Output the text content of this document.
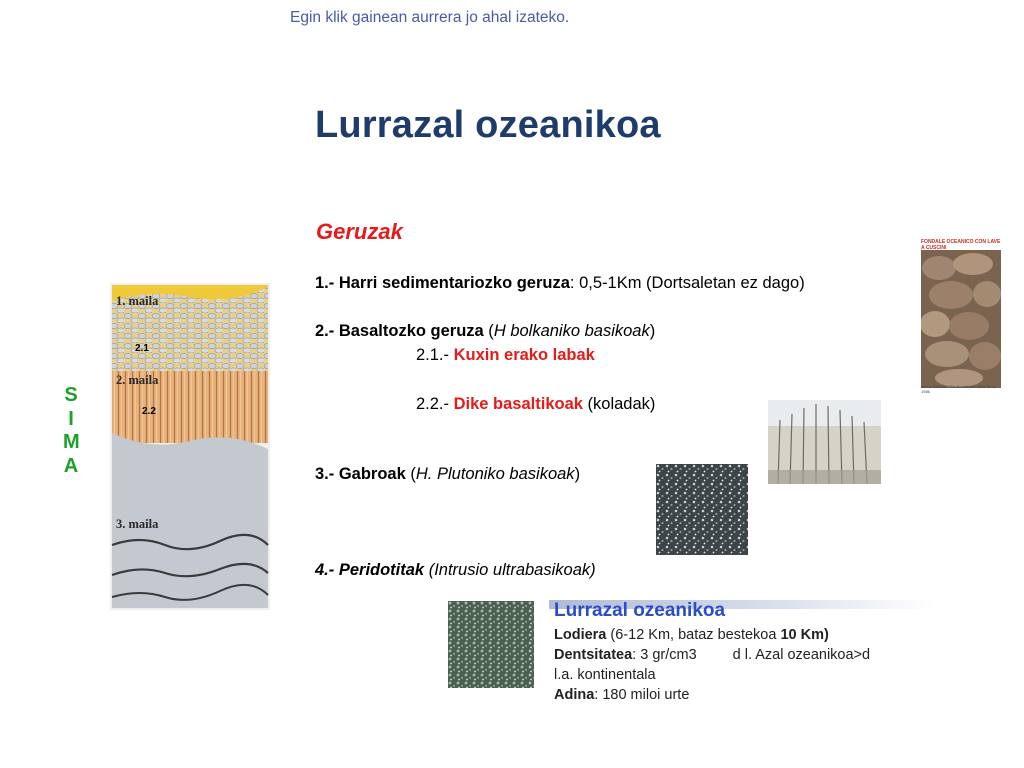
Egin klik gainean aurrera jo ahal izateko.
Lurrazal ozeanikoa
Geruzak
1.- Harri sedimentariozko geruza: 0,5-1Km (Dortsaletan ez dago)
2.- Basaltozko geruza (H bolkaniko basikoak)
2.1.- Kuxin erako labak
2.2.- Dike basaltikoak (koladak)
3.- Gabroak (H. Plutoniko basikoak)
4.- Peridotitak (Intrusio ultrabasikoak)
S
I
M
A
1. maila
2. maila
3. maila
2.1
2.2
FONDALE OCEANICO CON LAVE A CUSCINI
da La Scienza - Ca dinosferica della Terra, 1986
Lurrazal ozeanikoa
Lodiera (6-12 Km, bataz bestekoa 10 Km)
Dentsitatea: 3 gr/cm3 d l. Azal ozeanikoa>d
l.a. kontinentala
Adina: 180 miloi urte
